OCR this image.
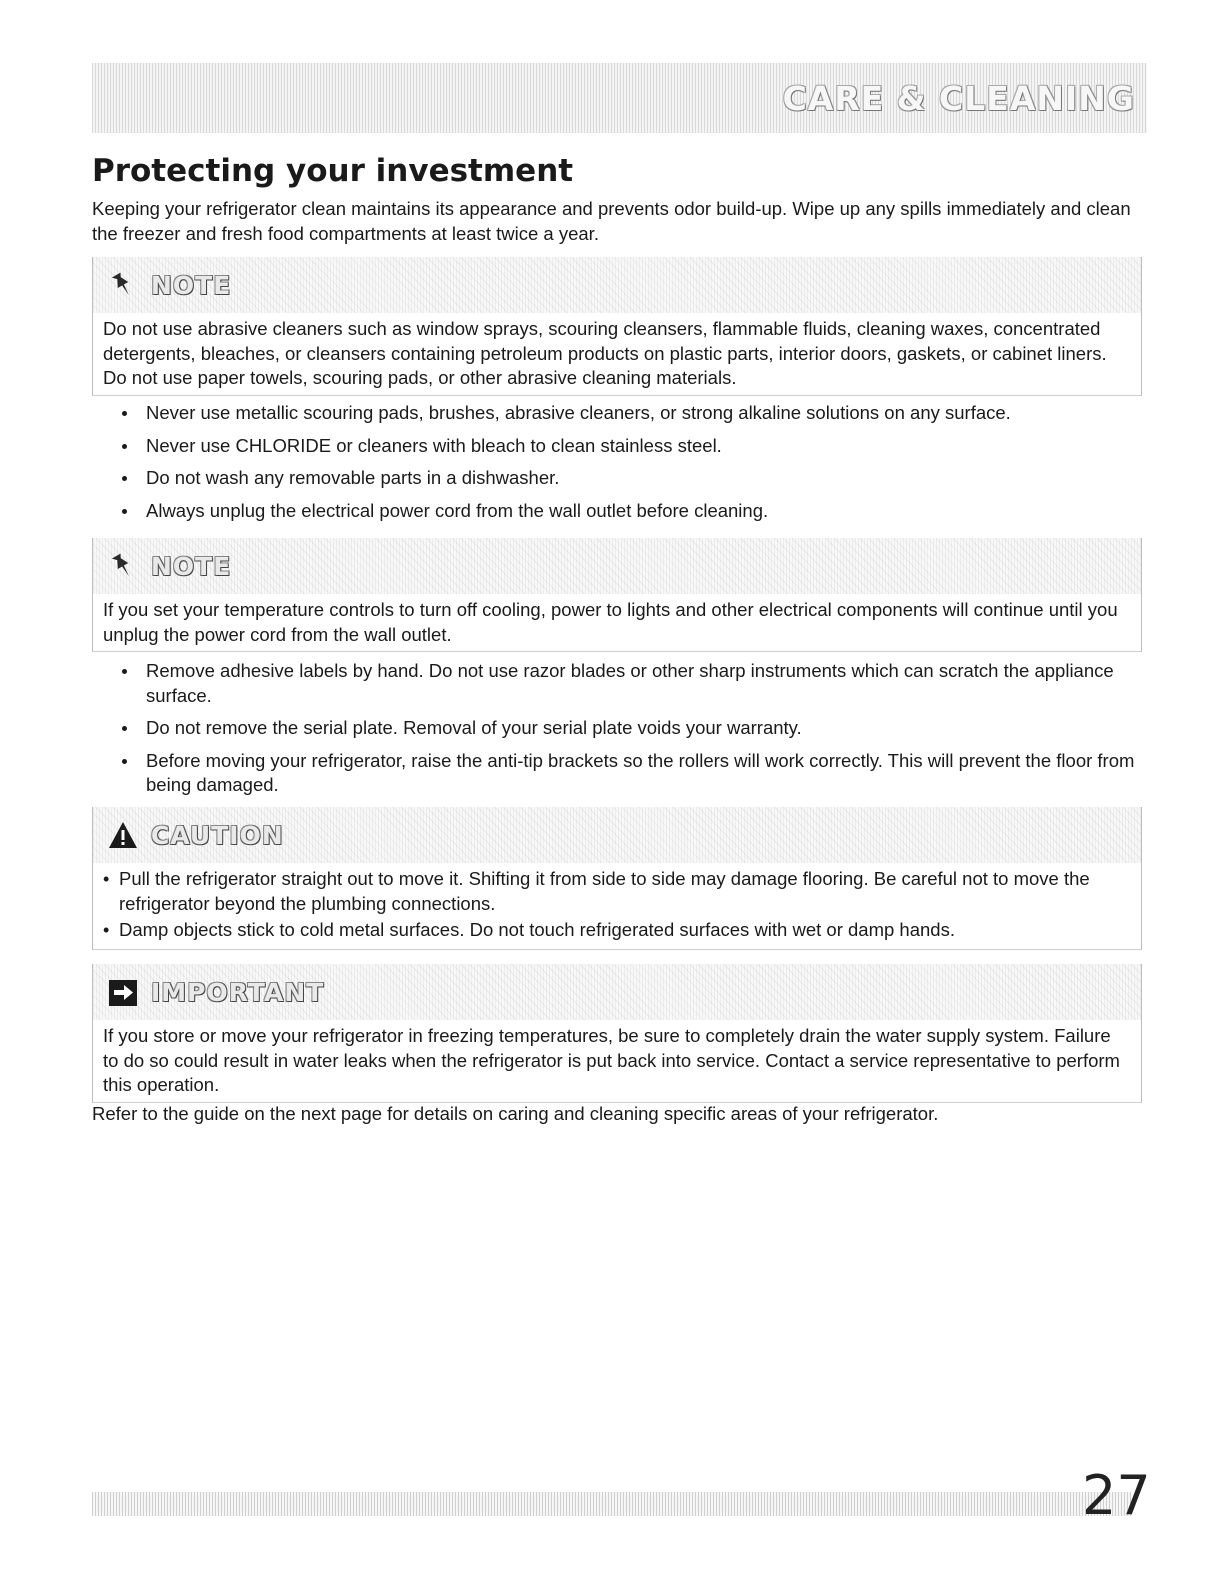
CARE & CLEANING
Protecting your investment

Keeping your refrigerator clean maintains its appearance and prevents odor build-up. Wipe up any spills immediately and clean the freezer and fresh food compartments at least twice a year.

NOTE
Do not use abrasive cleaners such as window sprays, scouring cleansers, flammable fluids, cleaning waxes, concentrated detergents, bleaches, or cleansers containing petroleum products on plastic parts, interior doors, gaskets, or cabinet liners. Do not use paper towels, scouring pads, or other abrasive cleaning materials.
Never use metallic scouring pads, brushes, abrasive cleaners, or strong alkaline solutions on any surface.
Never use CHLORIDE or cleaners with bleach to clean stainless steel.
Do not wash any removable parts in a dishwasher.
Always unplug the electrical power cord from the wall outlet before cleaning.
NOTE
If you set your temperature controls to turn off cooling, power to lights and other electrical components will continue until you unplug the power cord from the wall outlet.
Remove adhesive labels by hand. Do not use razor blades or other sharp instruments which can scratch the appliance surface.
Do not remove the serial plate. Removal of your serial plate voids your warranty.
Before moving your refrigerator, raise the anti-tip brackets so the rollers will work correctly. This will prevent the floor from being damaged.
CAUTION
• Pull the refrigerator straight out to move it. Shifting it from side to side may damage flooring. Be careful not to move the refrigerator beyond the plumbing connections.
• Damp objects stick to cold metal surfaces. Do not touch refrigerated surfaces with wet or damp hands.
IMPORTANT
If you store or move your refrigerator in freezing temperatures, be sure to completely drain the water supply system. Failure to do so could result in water leaks when the refrigerator is put back into service. Contact a service representative to perform this operation.

Refer to the guide on the next page for details on caring and cleaning specific areas of your refrigerator.

27
